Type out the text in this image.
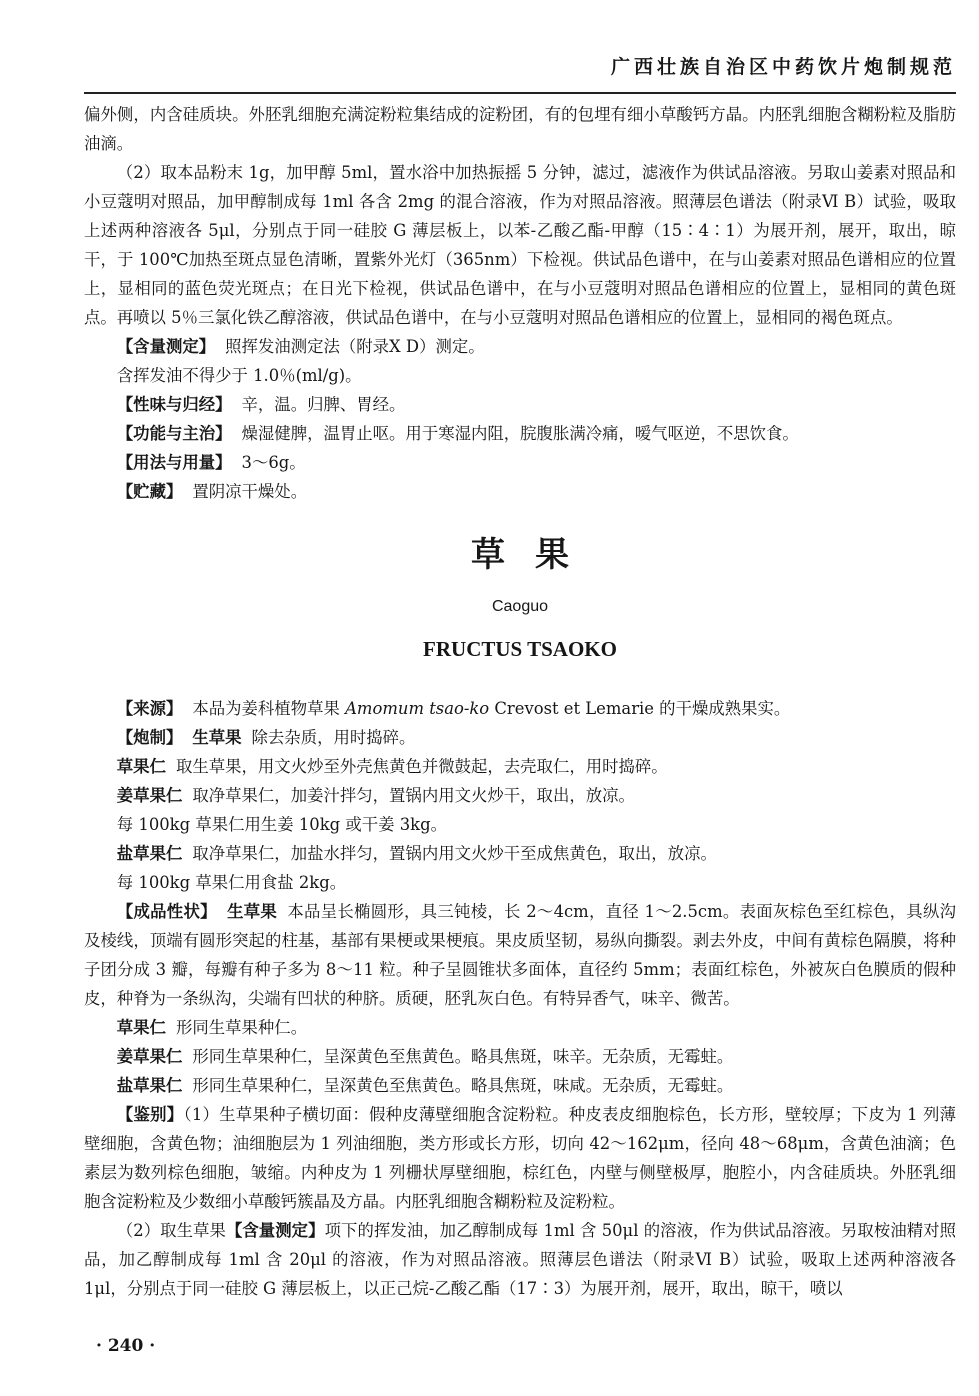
广西壮族自治区中药饮片炮制规范

偏外侧，内含硅质块。外胚乳细胞充满淀粉粒集结成的淀粉团，有的包埋有细小草酸钙方晶。内胚乳细胞含糊粉粒及脂肪油滴。

（2）取本品粉末 1g，加甲醇 5ml，置水浴中加热振摇 5 分钟，滤过，滤液作为供试品溶液。另取山姜素对照品和小豆蔻明对照品，加甲醇制成每 1ml 各含 2mg 的混合溶液，作为对照品溶液。照薄层色谱法（附录Ⅵ B）试验，吸取上述两种溶液各 5μl，分别点于同一硅胶 G 薄层板上，以苯-乙酸乙酯-甲醇（15∶4∶1）为展开剂，展开，取出，晾干，于 100℃加热至斑点显色清晰，置紫外光灯（365nm）下检视。供试品色谱中，在与山姜素对照品色谱相应的位置上，显相同的蓝色荧光斑点；在日光下检视，供试品色谱中，在与小豆蔻明对照品色谱相应的位置上，显相同的黄色斑点。再喷以 5％三氯化铁乙醇溶液，供试品色谱中，在与小豆蔻明对照品色谱相应的位置上，显相同的褐色斑点。

【含量测定】 照挥发油测定法（附录Ⅹ D）测定。

含挥发油不得少于 1.0％(ml/g)。

【性味与归经】 辛，温。归脾、胃经。

【功能与主治】 燥湿健脾，温胃止呕。用于寒湿内阻，脘腹胀满冷痛，嗳气呕逆，不思饮食。

【用法与用量】 3～6g。

【贮藏】 置阴凉干燥处。

草果
Caoguo
FRUCTUS TSAOKO

【来源】 本品为姜科植物草果 Amomum tsao-ko Crevost et Lemarie 的干燥成熟果实。

【炮制】 生草果 除去杂质，用时捣碎。

草果仁 取生草果，用文火炒至外壳焦黄色并微鼓起，去壳取仁，用时捣碎。

姜草果仁 取净草果仁，加姜汁拌匀，置锅内用文火炒干，取出，放凉。

每 100kg 草果仁用生姜 10kg 或干姜 3kg。

盐草果仁 取净草果仁，加盐水拌匀，置锅内用文火炒干至成焦黄色，取出，放凉。

每 100kg 草果仁用食盐 2kg。

【成品性状】 生草果 本品呈长椭圆形，具三钝棱，长 2～4cm，直径 1～2.5cm。表面灰棕色至红棕色，具纵沟及棱线，顶端有圆形突起的柱基，基部有果梗或果梗痕。果皮质坚韧，易纵向撕裂。剥去外皮，中间有黄棕色隔膜，将种子团分成 3 瓣，每瓣有种子多为 8～11 粒。种子呈圆锥状多面体，直径约 5mm；表面红棕色，外被灰白色膜质的假种皮，种脊为一条纵沟，尖端有凹状的种脐。质硬，胚乳灰白色。有特异香气，味辛、微苦。

草果仁 形同生草果种仁。

姜草果仁 形同生草果种仁，呈深黄色至焦黄色。略具焦斑，味辛。无杂质，无霉蛀。

盐草果仁 形同生草果种仁，呈深黄色至焦黄色。略具焦斑，味咸。无杂质，无霉蛀。

【鉴别】（1）生草果种子横切面：假种皮薄壁细胞含淀粉粒。种皮表皮细胞棕色，长方形，壁较厚；下皮为 1 列薄壁细胞，含黄色物；油细胞层为 1 列油细胞，类方形或长方形，切向 42～162μm，径向 48～68μm，含黄色油滴；色素层为数列棕色细胞，皱缩。内种皮为 1 列栅状厚壁细胞，棕红色，内壁与侧壁极厚，胞腔小，内含硅质块。外胚乳细胞含淀粉粒及少数细小草酸钙簇晶及方晶。内胚乳细胞含糊粉粒及淀粉粒。

（2）取生草果【含量测定】项下的挥发油，加乙醇制成每 1ml 含 50μl 的溶液，作为供试品溶液。另取桉油精对照品，加乙醇制成每 1ml 含 20μl 的溶液，作为对照品溶液。照薄层色谱法（附录Ⅵ B）试验，吸取上述两种溶液各 1μl，分别点于同一硅胶 G 薄层板上，以正己烷-乙酸乙酯（17∶3）为展开剂，展开，取出，晾干，喷以

· 240 ·
